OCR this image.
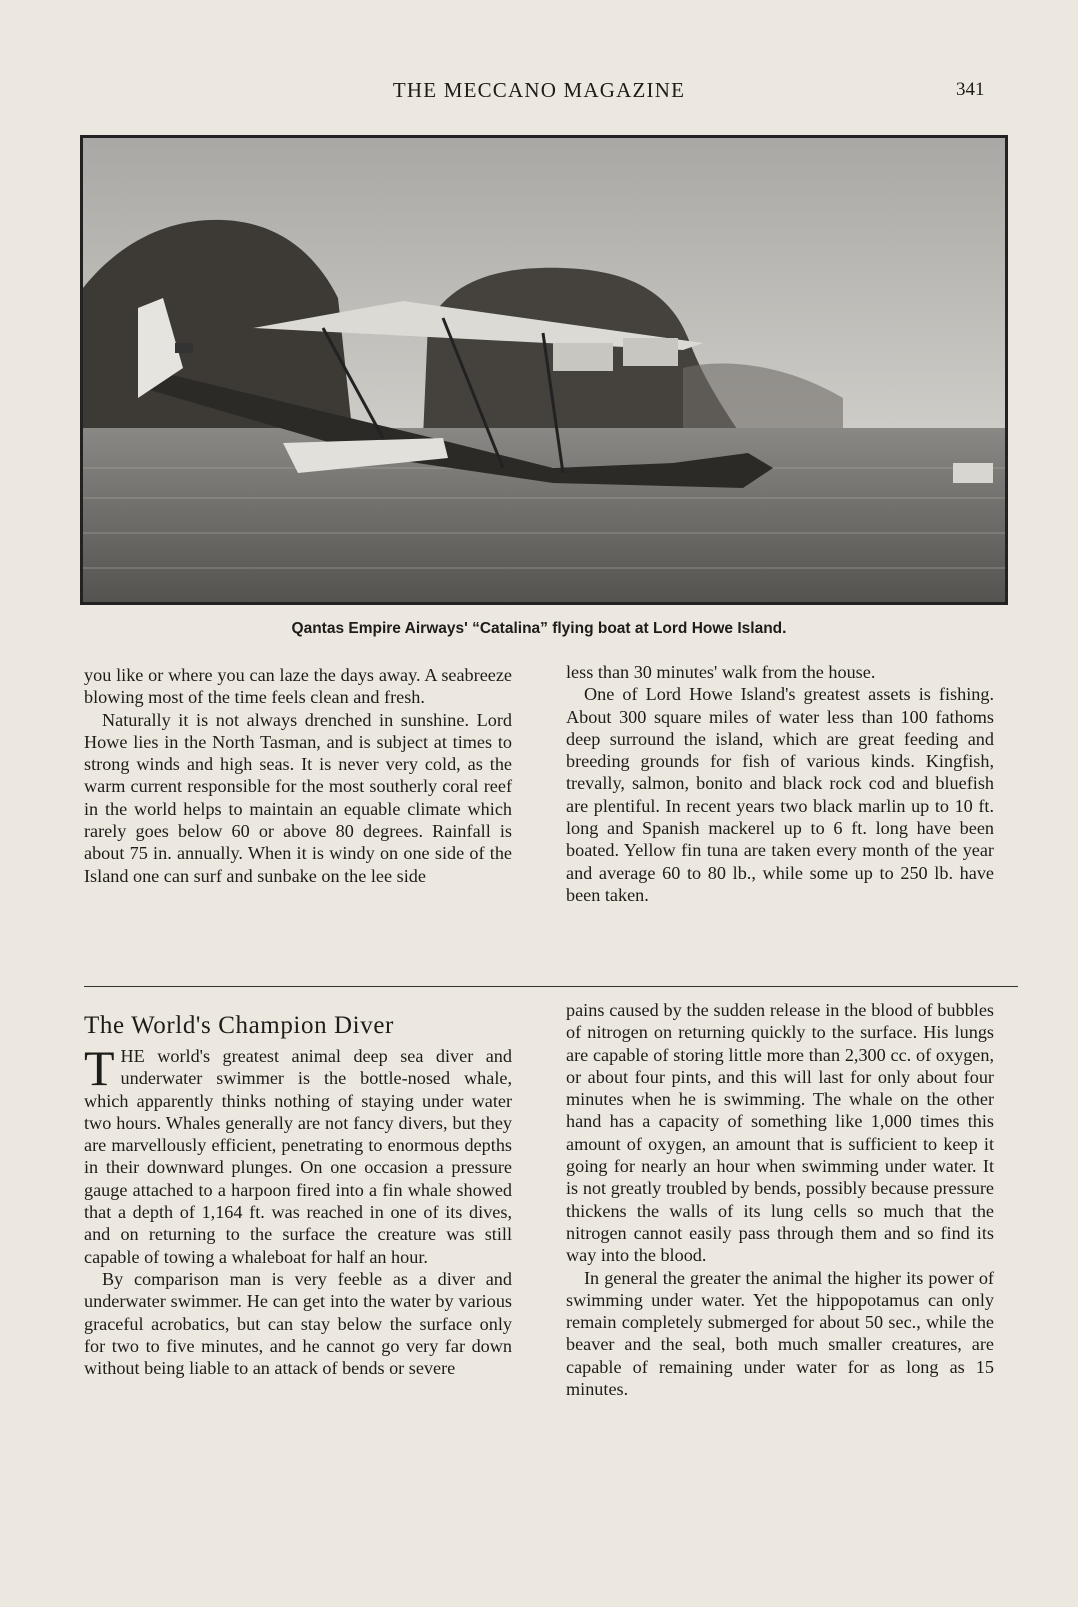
THE MECCANO MAGAZINE	341
Qantas Empire Airways' “Catalina” flying boat at Lord Howe Island.

you like or where you can laze the days away. A seabreeze blowing most of the time feels clean and fresh.

Naturally it is not always drenched in sunshine. Lord Howe lies in the North Tasman, and is subject at times to strong winds and high seas. It is never very cold, as the warm current responsible for the most southerly coral reef in the world helps to maintain an equable climate which rarely goes below 60 or above 80 degrees. Rainfall is about 75 in. annually. When it is windy on one side of the Island one can surf and sunbake on the lee side

less than 30 minutes' walk from the house.

One of Lord Howe Island's greatest assets is fishing. About 300 square miles of water less than 100 fathoms deep surround the island, which are great feeding and breeding grounds for fish of various kinds. Kingfish, trevally, salmon, bonito and black rock cod and bluefish are plentiful. In recent years two black marlin up to 10 ft. long and Spanish mackerel up to 6 ft. long have been boated. Yellow fin tuna are taken every month of the year and average 60 to 80 lb., while some up to 250 lb. have been taken.

The World's Champion Diver

THE world's greatest animal deep sea diver and underwater swimmer is the bottle-nosed whale, which apparently thinks nothing of staying under water two hours. Whales generally are not fancy divers, but they are marvellously efficient, penetrating to enormous depths in their downward plunges. On one occasion a pressure gauge attached to a harpoon fired into a fin whale showed that a depth of 1,164 ft. was reached in one of its dives, and on returning to the surface the creature was still capable of towing a whaleboat for half an hour.

By comparison man is very feeble as a diver and underwater swimmer. He can get into the water by various graceful acrobatics, but can stay below the surface only for two to five minutes, and he cannot go very far down without being liable to an attack of bends or severe

pains caused by the sudden release in the blood of bubbles of nitrogen on returning quickly to the surface. His lungs are capable of storing little more than 2,300 cc. of oxygen, or about four pints, and this will last for only about four minutes when he is swimming. The whale on the other hand has a capacity of something like 1,000 times this amount of oxygen, an amount that is sufficient to keep it going for nearly an hour when swimming under water. It is not greatly troubled by bends, possibly because pressure thickens the walls of its lung cells so much that the nitrogen cannot easily pass through them and so find its way into the blood.

In general the greater the animal the higher its power of swimming under water. Yet the hippopotamus can only remain completely submerged for about 50 sec., while the beaver and the seal, both much smaller creatures, are capable of remaining under water for as long as 15 minutes.
